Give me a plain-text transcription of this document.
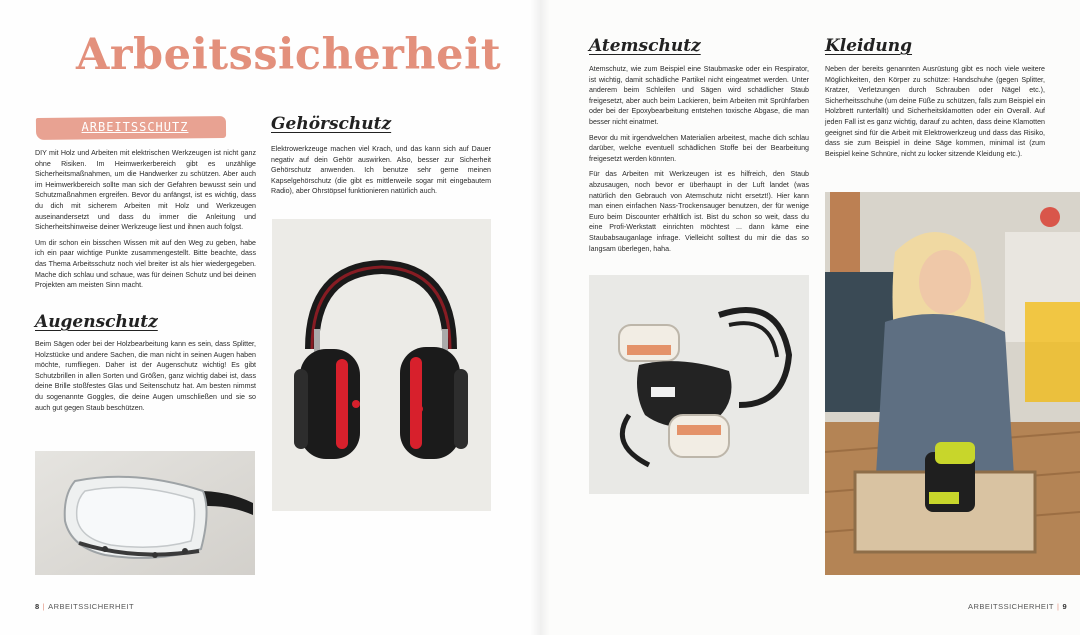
Arbeitssicherheit
ARBEITSSCHUTZ

DIY mit Holz und Arbeiten mit elektrischen Werkzeugen ist nicht ganz ohne Risiken. Im Heimwerkerbereich gibt es unzählige Sicherheitsmaßnahmen, um die Handwerker zu schützen. Aber auch im Heimwerkbereich sollte man sich der Gefahren bewusst sein und Schutzmaßnahmen ergreifen. Bevor du anfängst, ist es wichtig, dass du dich mit sicherem Arbeiten mit Holz und Werkzeugen auseinandersetzt und dass du immer die Anleitung und Sicherheitshinweise deiner Werkzeuge liest und ihnen auch folgst.

Um dir schon ein bisschen Wissen mit auf den Weg zu geben, habe ich ein paar wichtige Punkte zusammengestellt. Bitte beachte, dass das Thema Arbeitsschutz noch viel breiter ist als hier wiedergegeben. Mache dich schlau und schaue, was für deinen Schutz und bei deinen Projekten am meisten Sinn macht.

Augenschutz

Beim Sägen oder bei der Holzbearbeitung kann es sein, dass Splitter, Holzstücke und andere Sachen, die man nicht in seinen Augen haben möchte, rumfliegen. Daher ist der Augenschutz wichtig! Es gibt Schutzbrillen in allen Sorten und Größen, ganz wichtig dabei ist, dass deine Brille stoßfestes Glas und Seitenschutz hat. Am besten nimmst du sogenannte Goggles, die deine Augen umschließen und sie so auch gut gegen Staub beschützen.

Gehörschutz

Elektrowerkzeuge machen viel Krach, und das kann sich auf Dauer negativ auf dein Gehör auswirken. Also, besser zur Sicherheit Gehörschutz anwenden. Ich benutze sehr gerne meinen Kapselgehörschutz (die gibt es mittlerweile sogar mit eingebautem Radio), aber Ohrstöpsel funktionieren natürlich auch.

8 | ARBEITSSICHERHEIT
Atemschutz

Atemschutz, wie zum Beispiel eine Staubmaske oder ein Respirator, ist wichtig, damit schädliche Partikel nicht eingeatmet werden. Unter anderem beim Schleifen und Sägen wird schädlicher Staub freigesetzt, aber auch beim Lackieren, beim Arbeiten mit Sprühfarben oder bei der Epoxybearbeitung entstehen toxische Abgase, die man besser nicht einatmet.

Bevor du mit irgendwelchen Materialien arbeitest, mache dich schlau darüber, welche eventuell schädlichen Stoffe bei der Bearbeitung freigesetzt werden könnten.

Für das Arbeiten mit Werkzeugen ist es hilfreich, den Staub abzusaugen, noch bevor er überhaupt in der Luft landet (was natürlich den Gebrauch von Atemschutz nicht ersetzt!). Hier kann man einen einfachen Nass-Trockensauger benutzen, der für wenige Euro beim Discounter erhältlich ist. Bist du schon so weit, dass du eine Profi-Werkstatt einrichten möchtest ... dann käme eine Staubabsauganlage infrage. Vielleicht solltest du mir die das so langsam überlegen, haha.

Kleidung

Neben der bereits genannten Ausrüstung gibt es noch viele weitere Möglichkeiten, den Körper zu schütze: Handschuhe (gegen Splitter, Kratzer, Verletzungen durch Schrauben oder Nägel etc.), Sicherheitsschuhe (um deine Füße zu schützen, falls zum Beispiel ein Holzbrett runterfällt) und Sicherheitsklamotten oder ein Overall. Auf jeden Fall ist es ganz wichtig, darauf zu achten, dass deine Klamotten geeignet sind für die Arbeit mit Elektrowerkzeug und dass das Risiko, dass sie zum Beispiel in deine Säge kommen, minimal ist (zum Beispiel keine Schnüre, nicht zu locker sitzende Kleidung etc.).

ARBEITSSICHERHEIT | 9
